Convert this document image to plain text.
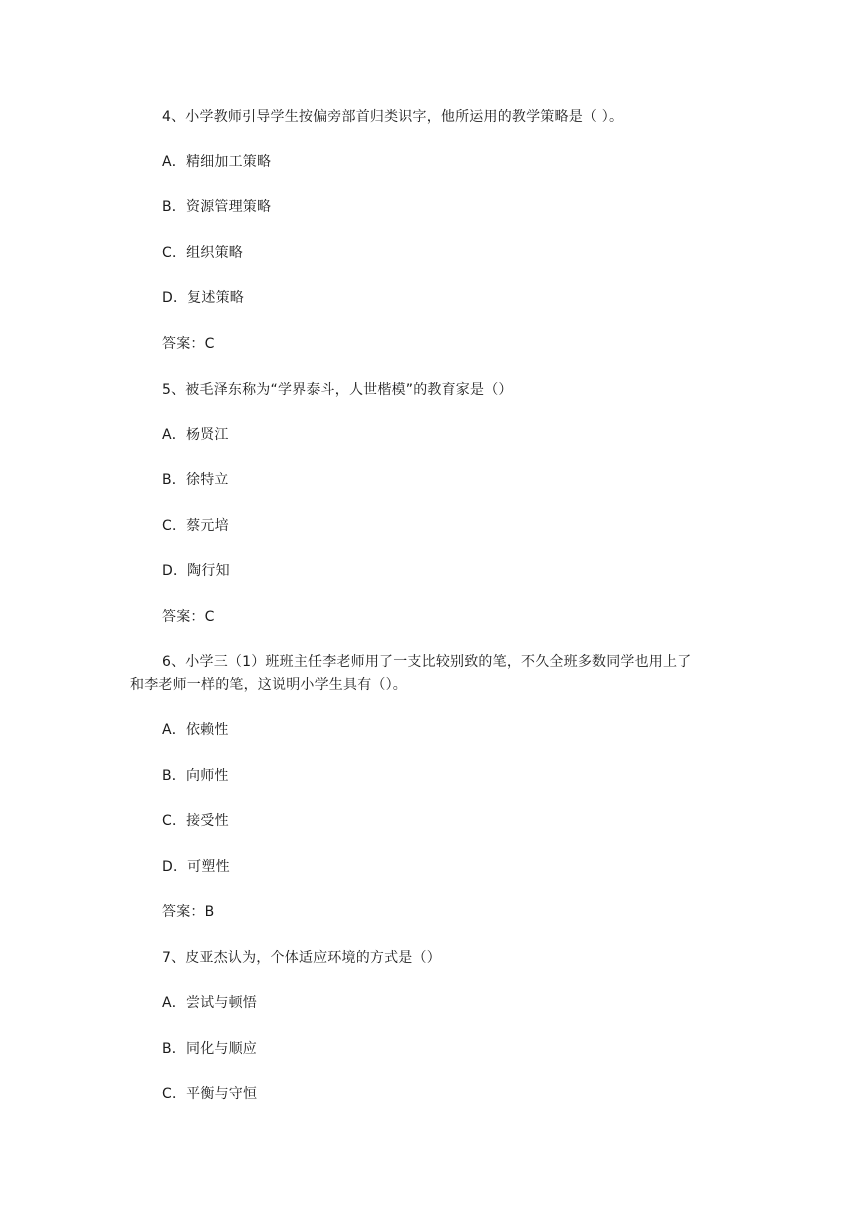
4、小学教师引导学生按偏旁部首归类识字，他所运用的教学策略是（ ）。
A．精细加工策略
B．资源管理策略
C．组织策略
D．复述策略
答案：C
5、被毛泽东称为“学界泰斗，人世楷模”的教育家是（）
A．杨贤江
B．徐特立
C．蔡元培
D．陶行知
答案：C
6、小学三（1）班班主任李老师用了一支比较别致的笔，不久全班多数同学也用上了
和李老师一样的笔，这说明小学生具有（）。
A．依赖性
B．向师性
C．接受性
D．可塑性
答案：B
7、皮亚杰认为，个体适应环境的方式是（）
A．尝试与顿悟
B．同化与顺应
C．平衡与守恒
